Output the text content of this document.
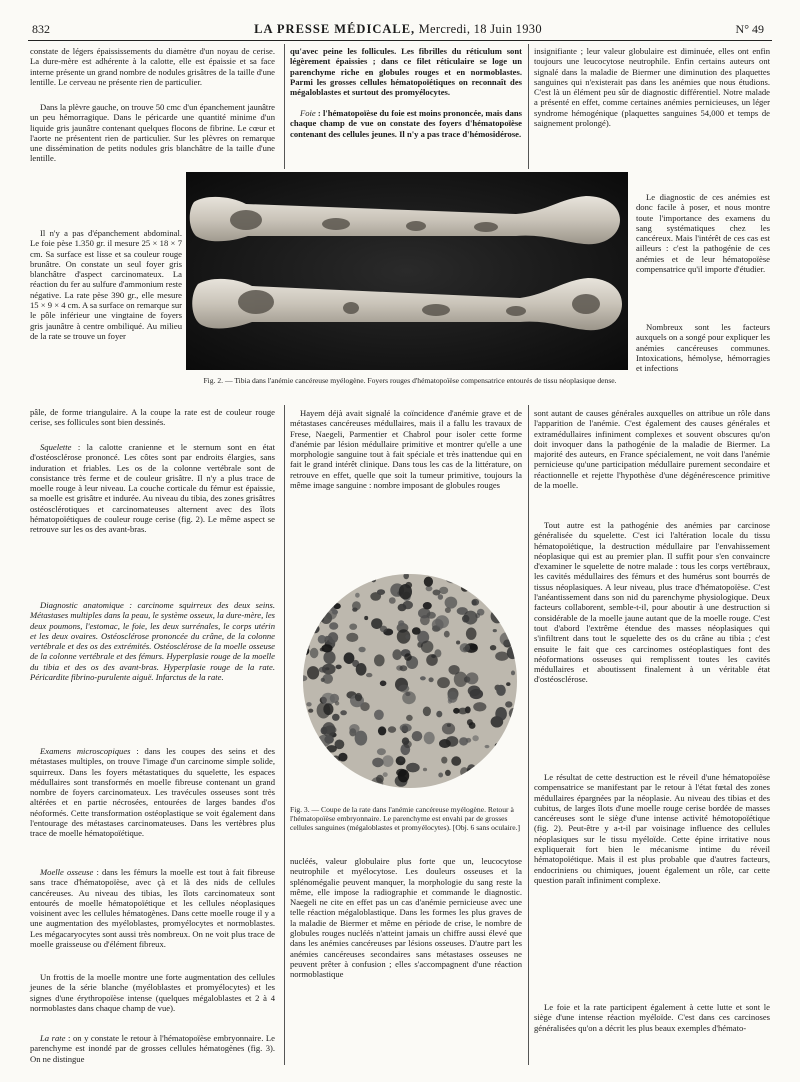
832	LA PRESSE MÉDICALE, Mercredi, 18 Juin 1930	N° 49

constate de légers épaississements du diamètre d'un noyau de cerise. La dure-mère est adhérente à la calotte, elle est épaissie et sa face interne présente un grand nombre de nodules grisâtres de la taille d'une lentille. Le cerveau ne présente rien de particulier.

Dans la plèvre gauche, on trouve 50 cmc d'un épanchement jaunâtre un peu hémorragique. Dans le péricarde une quantité minime d'un liquide gris jaunâtre contenant quelques flocons de fibrine. Le cœur et l'aorte ne présentent rien de particulier. Sur les plèvres on remarque une dissémination de petits nodules gris blanchâtre de la taille d'une lentille.

Il n'y a pas d'épanchement abdominal. Le foie pèse 1.350 gr. il mesure 25 × 18 × 7 cm. Sa surface est lisse et sa couleur rouge brunâtre. On constate un seul foyer gris blanchâtre d'aspect carcinomateux. La réaction du fer au sulfure d'ammonium reste négative. La rate pèse 390 gr., elle mesure 15 × 9 × 4 cm. A sa surface on remarque sur le pôle inférieur une vingtaine de foyers gris jaunâtre à centre ombiliqué. Au milieu de la rate se trouve un foyer

pâle, de forme triangulaire. A la coupe la rate est de couleur rouge cerise, ses follicules sont bien dessinés.

Squelette : la calotte cranienne et le sternum sont en état d'ostéosclérose prononcé. Les côtes sont par endroits élargies, sans induration et friables. Les os de la colonne vertébrale sont de consistance très ferme et de couleur grisâtre. Il n'y a plus trace de moelle rouge à leur niveau. La couche corticale du fémur est épaissie, sa moelle est grisâtre et indurée. Au niveau du tibia, des zones grisâtres ostéosclérotiques et carcinomateuses alternent avec des îlots hématopoïétiques de couleur rouge cerise (fig. 2). Le même aspect se retrouve sur les os des avant-bras.

Diagnostic anatomique : carcinome squirreux des deux seins. Métastases multiples dans la peau, le système osseux, la dure-mère, les deux poumons, l'estomac, le foie, les deux surrénales, le corps utérin et les deux ovaires. Ostéosclérose prononcée du crâne, de la colonne vertébrale et des os des extrémités. Ostéosclérose de la moelle osseuse de la colonne vertébrale et des fémurs. Hyperplasie rouge de la moelle du tibia et des os des avant-bras. Hyperplasie rouge de la rate. Péricardite fibrino-purulente aiguë. Infarctus de la rate.

Examens microscopiques : dans les coupes des seins et des métastases multiples, on trouve l'image d'un carcinome simple solide, squirreux. Dans les foyers métastatiques du squelette, les espaces médullaires sont transformés en moelle fibreuse contenant un grand nombre de foyers carcinomateux. Les travécules osseuses sont très altérées et en partie nécrosées, entourées de larges bandes d'os néoformés. Cette transformation ostéoplastique se voit également dans l'entourage des métastases carcinomateuses. Dans les vertèbres plus trace de moelle hématopoïétique.

Moelle osseuse : dans les fémurs la moelle est tout à fait fibreuse sans trace d'hématopoïèse, avec çà et là des nids de cellules cancéreuses. Au niveau des tibias, les îlots carcinomateux sont entourés de moelle hématopoïétique et les cellules néoplasiques voisinent avec les cellules hématogènes. Dans cette moelle rouge il y a une augmentation des myéloblastes, promyélocytes et normoblastes. Les mégacaryocytes sont aussi très nombreux. On ne voit plus trace de moelle graisseuse ou d'élément fibreux.

Un frottis de la moelle montre une forte augmentation des cellules jeunes de la série blanche (myéloblastes et promyélocytes) et les signes d'une érythropoïèse intense (quelques mégaloblastes et 2 à 4 normoblastes dans chaque champ de vue).

La rate : on y constate le retour à l'hématopoïèse embryonnaire. Le parenchyme est inondé par de grosses cellules hématogènes (fig. 3). On ne distingue

qu'avec peine les follicules. Les fibrilles du réticulum sont légèrement épaissies ; dans ce filet réticulaire se loge un parenchyme riche en globules rouges et en normoblastes. Parmi les grosses cellules hématopoïétiques on reconnaît des mégaloblastes et surtout des promyélocytes.

Foie : l'hématopoïèse du foie est moins prononcée, mais dans chaque champ de vue on constate des foyers d'hématopoïèse contenant des cellules jeunes. Il n'y a pas trace d'hémosidérose.

insignifiante ; leur valeur globulaire est diminuée, elles ont enfin toujours une leucocytose neutrophile. Enfin certains auteurs ont signalé dans la maladie de Biermer une diminution des plaquettes sanguines qui n'existerait pas dans les anémies que nous étudions. C'est là un élément peu sûr de diagnostic différentiel. Notre malade a présenté en effet, comme certaines anémies pernicieuses, un léger syndrome hémogénique (plaquettes sanguines 54,000 et temps de saignement prolongé).

Le diagnostic de ces anémies est donc facile à poser, et nous montre toute l'importance des examens du sang systématiques chez les cancéreux. Mais l'intérêt de ces cas est ailleurs : c'est la pathogénie de ces anémies et de leur hématopoïèse compensatrice qu'il importe d'étudier.

Nombreux sont les facteurs auxquels on a songé pour expliquer les anémies cancéreuses communes. Intoxications, hémolyse, hémorragies et infections

Fig. 2. — Tibia dans l'anémie cancéreuse myélogène. Foyers rouges d'hématopoïèse compensatrice entourés de tissu néoplasique dense.

Hayem déjà avait signalé la coïncidence d'anémie grave et de métastases cancéreuses médullaires, mais il a fallu les travaux de Frese, Naegeli, Parmentier et Chabrol pour isoler cette forme d'anémie par lésion médullaire primitive et montrer qu'elle a une morphologie sanguine tout à fait spéciale et très inattendue qui en fait le grand intérêt clinique. Dans tous les cas de la littérature, on retrouve en effet, quelle que soit la tumeur primitive, toujours la même image sanguine : nombre imposant de globules rouges

Fig. 3. — Coupe de la rate dans l'anémie cancéreuse myélogène. Retour à l'hématopoïèse embryonnaire. Le parenchyme est envahi par de grosses cellules sanguines (mégaloblastes et promyélocytes). [Obj. 6 sans oculaire.]

nucléés, valeur globulaire plus forte que un, leucocytose neutrophile et myélocytose. Les douleurs osseuses et la splénomégalie peuvent manquer, la morphologie du sang reste la même, elle impose la radiographie et commande le diagnostic. Naegeli ne cite en effet pas un cas d'anémie pernicieuse avec une telle réaction mégaloblastique. Dans les formes les plus graves de la maladie de Biermer et même en période de crise, le nombre de globules rouges nucléés n'atteint jamais un chiffre aussi élevé que dans les anémies cancéreuses par lésions osseuses. D'autre part les anémies cancéreuses secondaires sans métastases osseuses ne peuvent prêter à confusion ; elles s'accompagnent d'une réaction normoblastique

sont autant de causes générales auxquelles on attribue un rôle dans l'apparition de l'anémie. C'est également des causes générales et extramédullaires infiniment complexes et souvent obscures qu'on doit invoquer dans la pathogénie de la maladie de Biermer. La majorité des auteurs, en France spécialement, ne voit dans l'anémie pernicieuse qu'une participation médullaire purement secondaire et réactionnelle et rejette l'hypothèse d'une dégénérescence primitive de la moelle.

Tout autre est la pathogénie des anémies par carcinose généralisée du squelette. C'est ici l'altération locale du tissu hématopoïétique, la destruction médullaire par l'envahissement néoplasique qui est au premier plan. Il suffit pour s'en convaincre d'examiner le squelette de notre malade : tous les corps vertébraux, les cavités médullaires des fémurs et des humérus sont bourrés de tissus néoplasiques. A leur niveau, plus trace d'hématopoïèse. C'est l'anéantissement dans son nid du parenchyme physiologique. Deux facteurs collaborent, semble-t-il, pour aboutir à une destruction si considérable de la moelle jaune autant que de la moelle rouge. C'est tout d'abord l'extrême étendue des masses néoplasiques qui s'infiltrent dans tout le squelette des os du crâne au tibia ; c'est ensuite le fait que ces carcinomes ostéoplastiques font des néoformations osseuses qui remplissent toutes les cavités médullaires et aboutissent finalement à un véritable état d'ostéosclérose.

Le résultat de cette destruction est le réveil d'une hématopoïèse compensatrice se manifestant par le retour à l'état fœtal des zones médullaires épargnées par la néoplasie. Au niveau des tibias et des cubitus, de larges îlots d'une moelle rouge cerise bordée de masses cancéreuses sont le siège d'une intense activité hémotopoïétique (fig. 2). Peut-être y a-t-il par voisinage influence des cellules néoplasiques sur le tissu myéloïde. Cette épine irritative nous expliquerait fort bien le mécanisme intime du réveil hématopoïétique. Mais il est plus probable que d'autres facteurs, endocriniens ou chimiques, jouent également un rôle, car cette question paraît infiniment complexe.

Le foie et la rate participent également à cette lutte et sont le siège d'une intense réaction myéloïde. C'est dans ces carcinoses généralisées qu'on a décrit les plus beaux exemples d'hémato-
